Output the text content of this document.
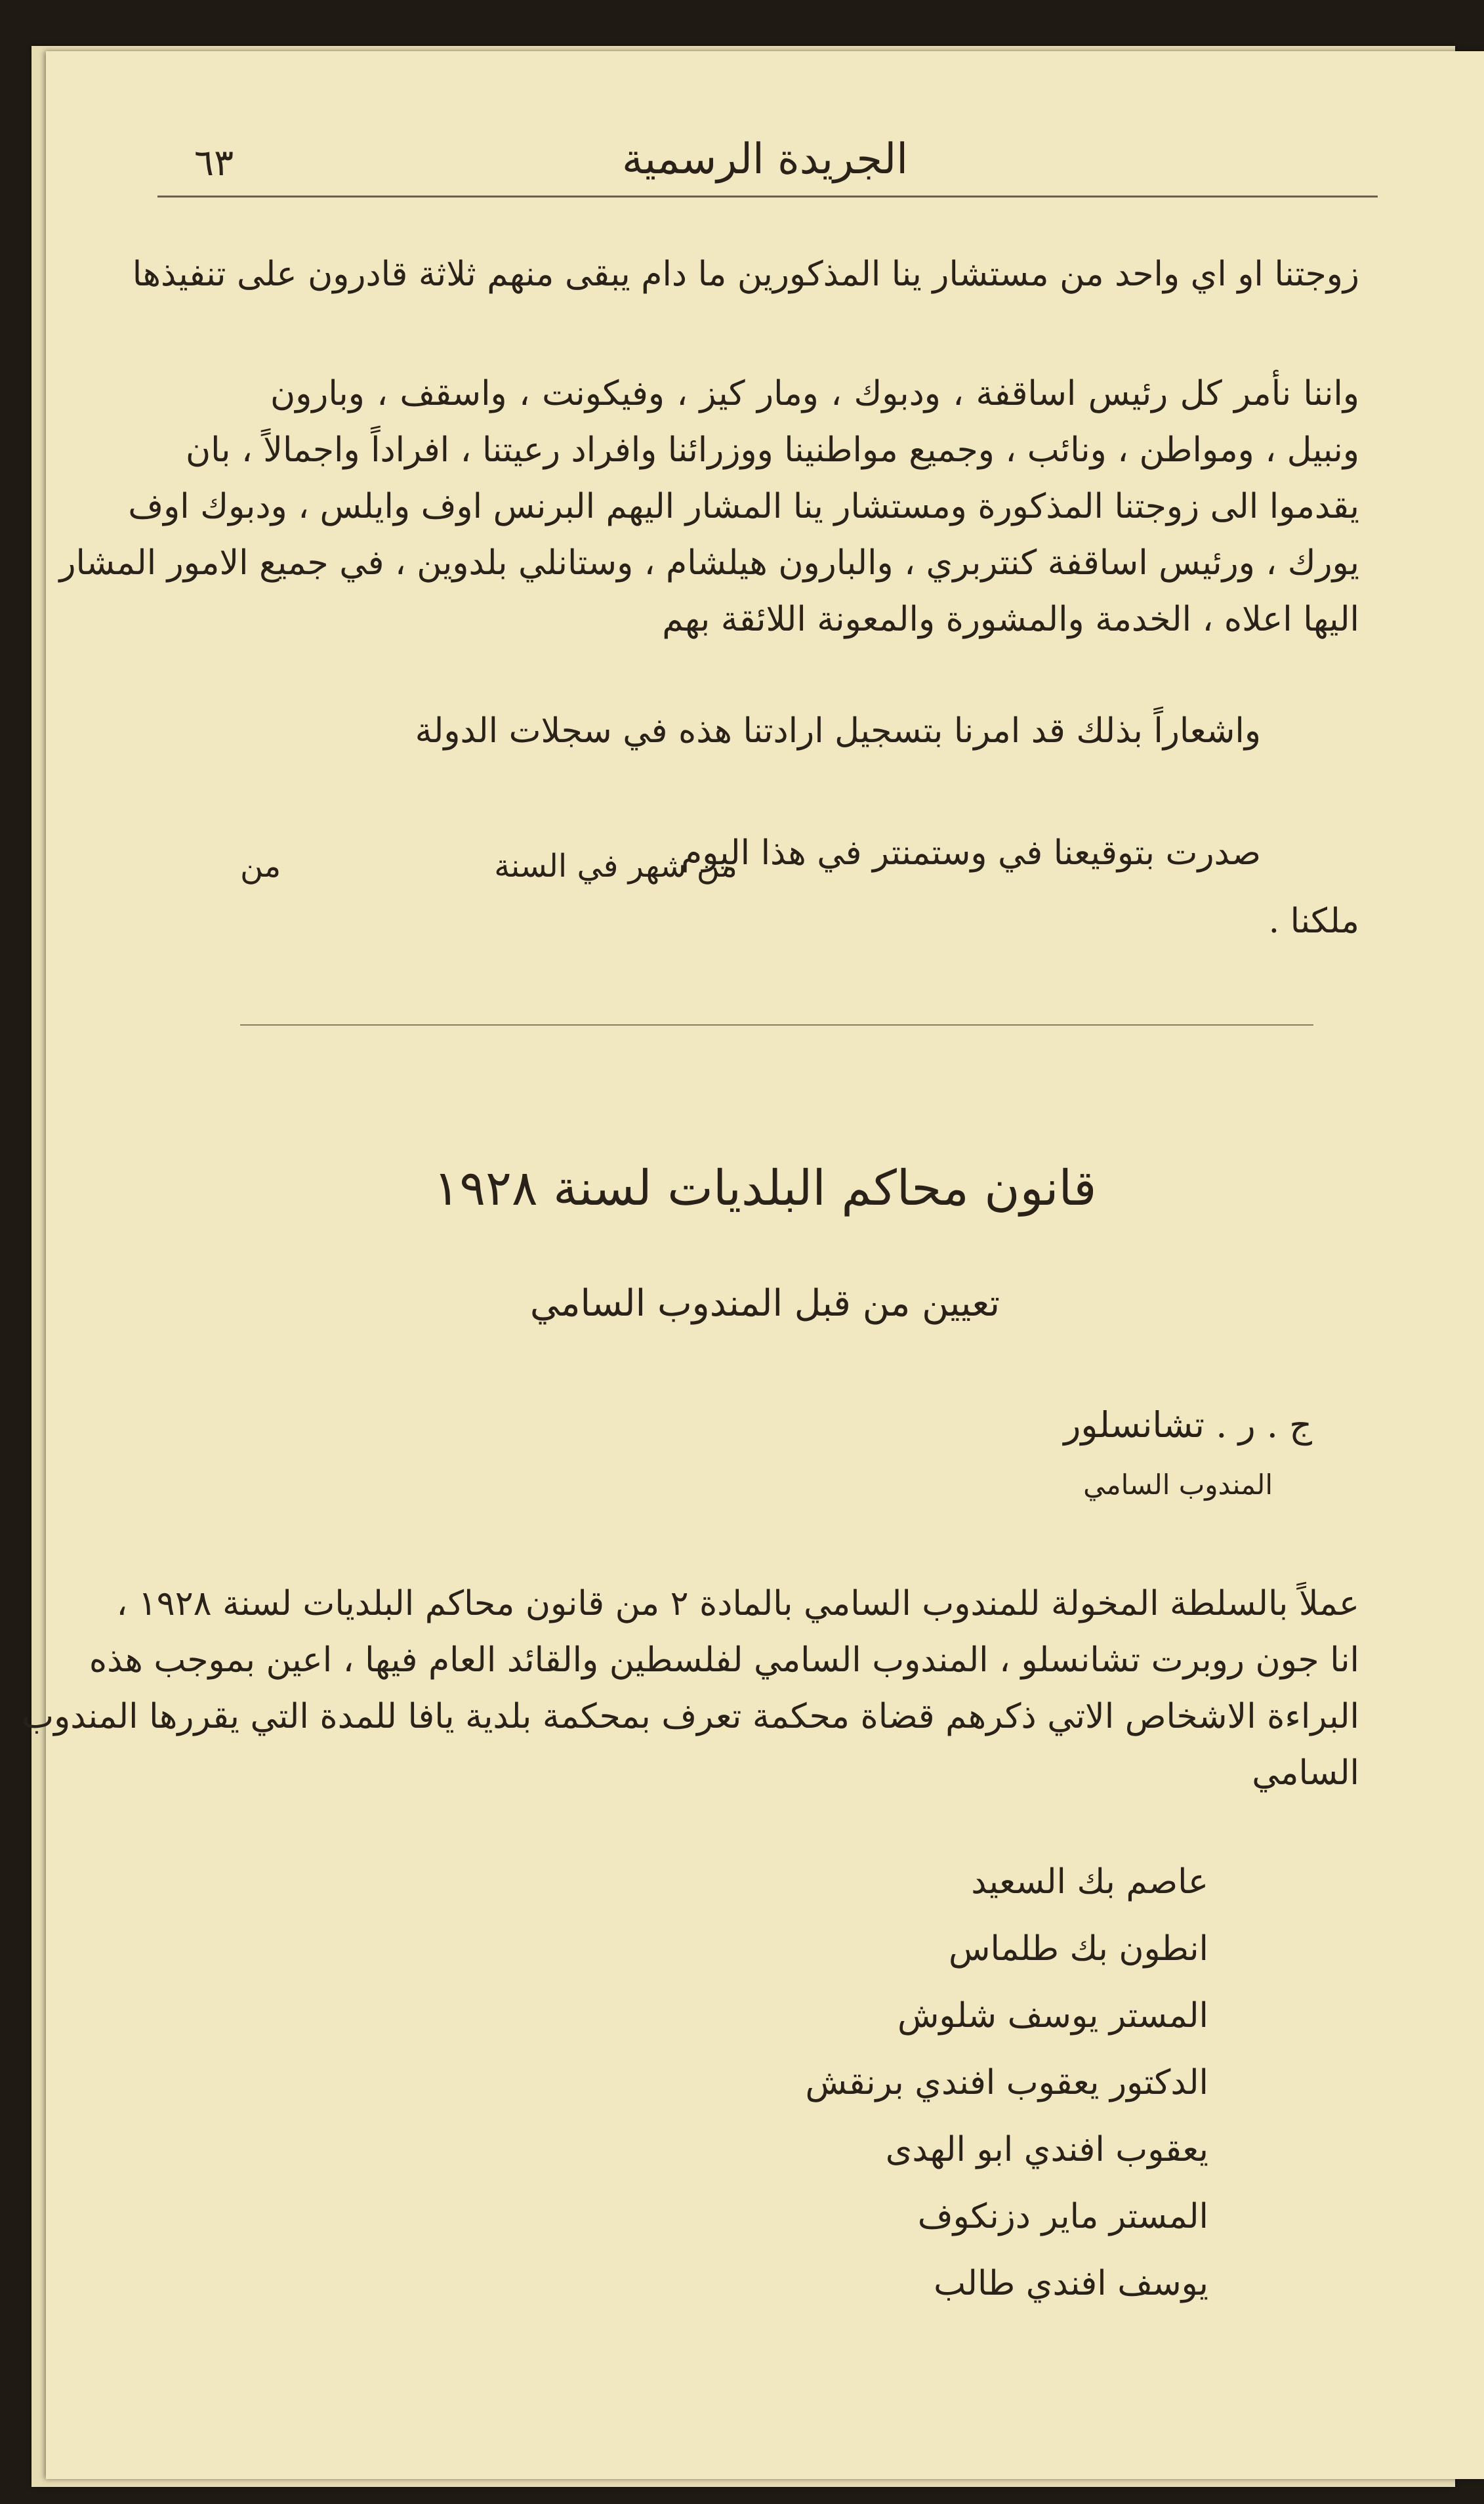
الجريدة الرسمية
٦٣
زوجتنا او اي واحد من مستشار ينا المذكورين ما دام يبقى منهم ثلاثة قادرون على تنفيذها
واننا نأمر كل رئيس اساقفة ، ودبوك ، ومار كيز ، وفيكونت ، واسقف ، وبارون
ونبيل ، ومواطن ، ونائب ، وجميع مواطنينا ووزرائنا وافراد رعيتنا ، افراداً واجمالاً ، بان
يقدموا الى زوجتنا المذكورة ومستشار ينا المشار اليهم البرنس اوف وايلس ، ودبوك اوف
يورك ، ورئيس اساقفة كنتربري ، والبارون هيلشام ، وستانلي بلدوين ، في جميع الامور المشار
اليها اعلاه ، الخدمة والمشورة والمعونة اللائقة بهم
واشعاراً بذلك قد امرنا بتسجيل ارادتنا هذه في سجلات الدولة
صدرت بتوقيعنا في وستمنتر في هذا اليوم
من شهر في السنة
من
ملكنا .
قانون محاكم البلديات لسنة ١٩٢٨
تعيين من قبل المندوب السامي
ج . ر . تشانسلور
المندوب السامي
عملاً بالسلطة المخولة للمندوب السامي بالمادة ٢ من قانون محاكم البلديات لسنة ١٩٢٨ ،
انا جون روبرت تشانسلو ، المندوب السامي لفلسطين والقائد العام فيها ، اعين بموجب هذه
البراءة الاشخاص الاتي ذكرهم قضاة محكمة تعرف بمحكمة بلدية يافا للمدة التي يقررها المندوب
السامي
عاصم بك السعيد
انطون بك طلماس
المستر يوسف شلوش
الدكتور يعقوب افندي برنقش
يعقوب افندي ابو الهدى
المستر ماير دزنكوف
يوسف افندي طالب
